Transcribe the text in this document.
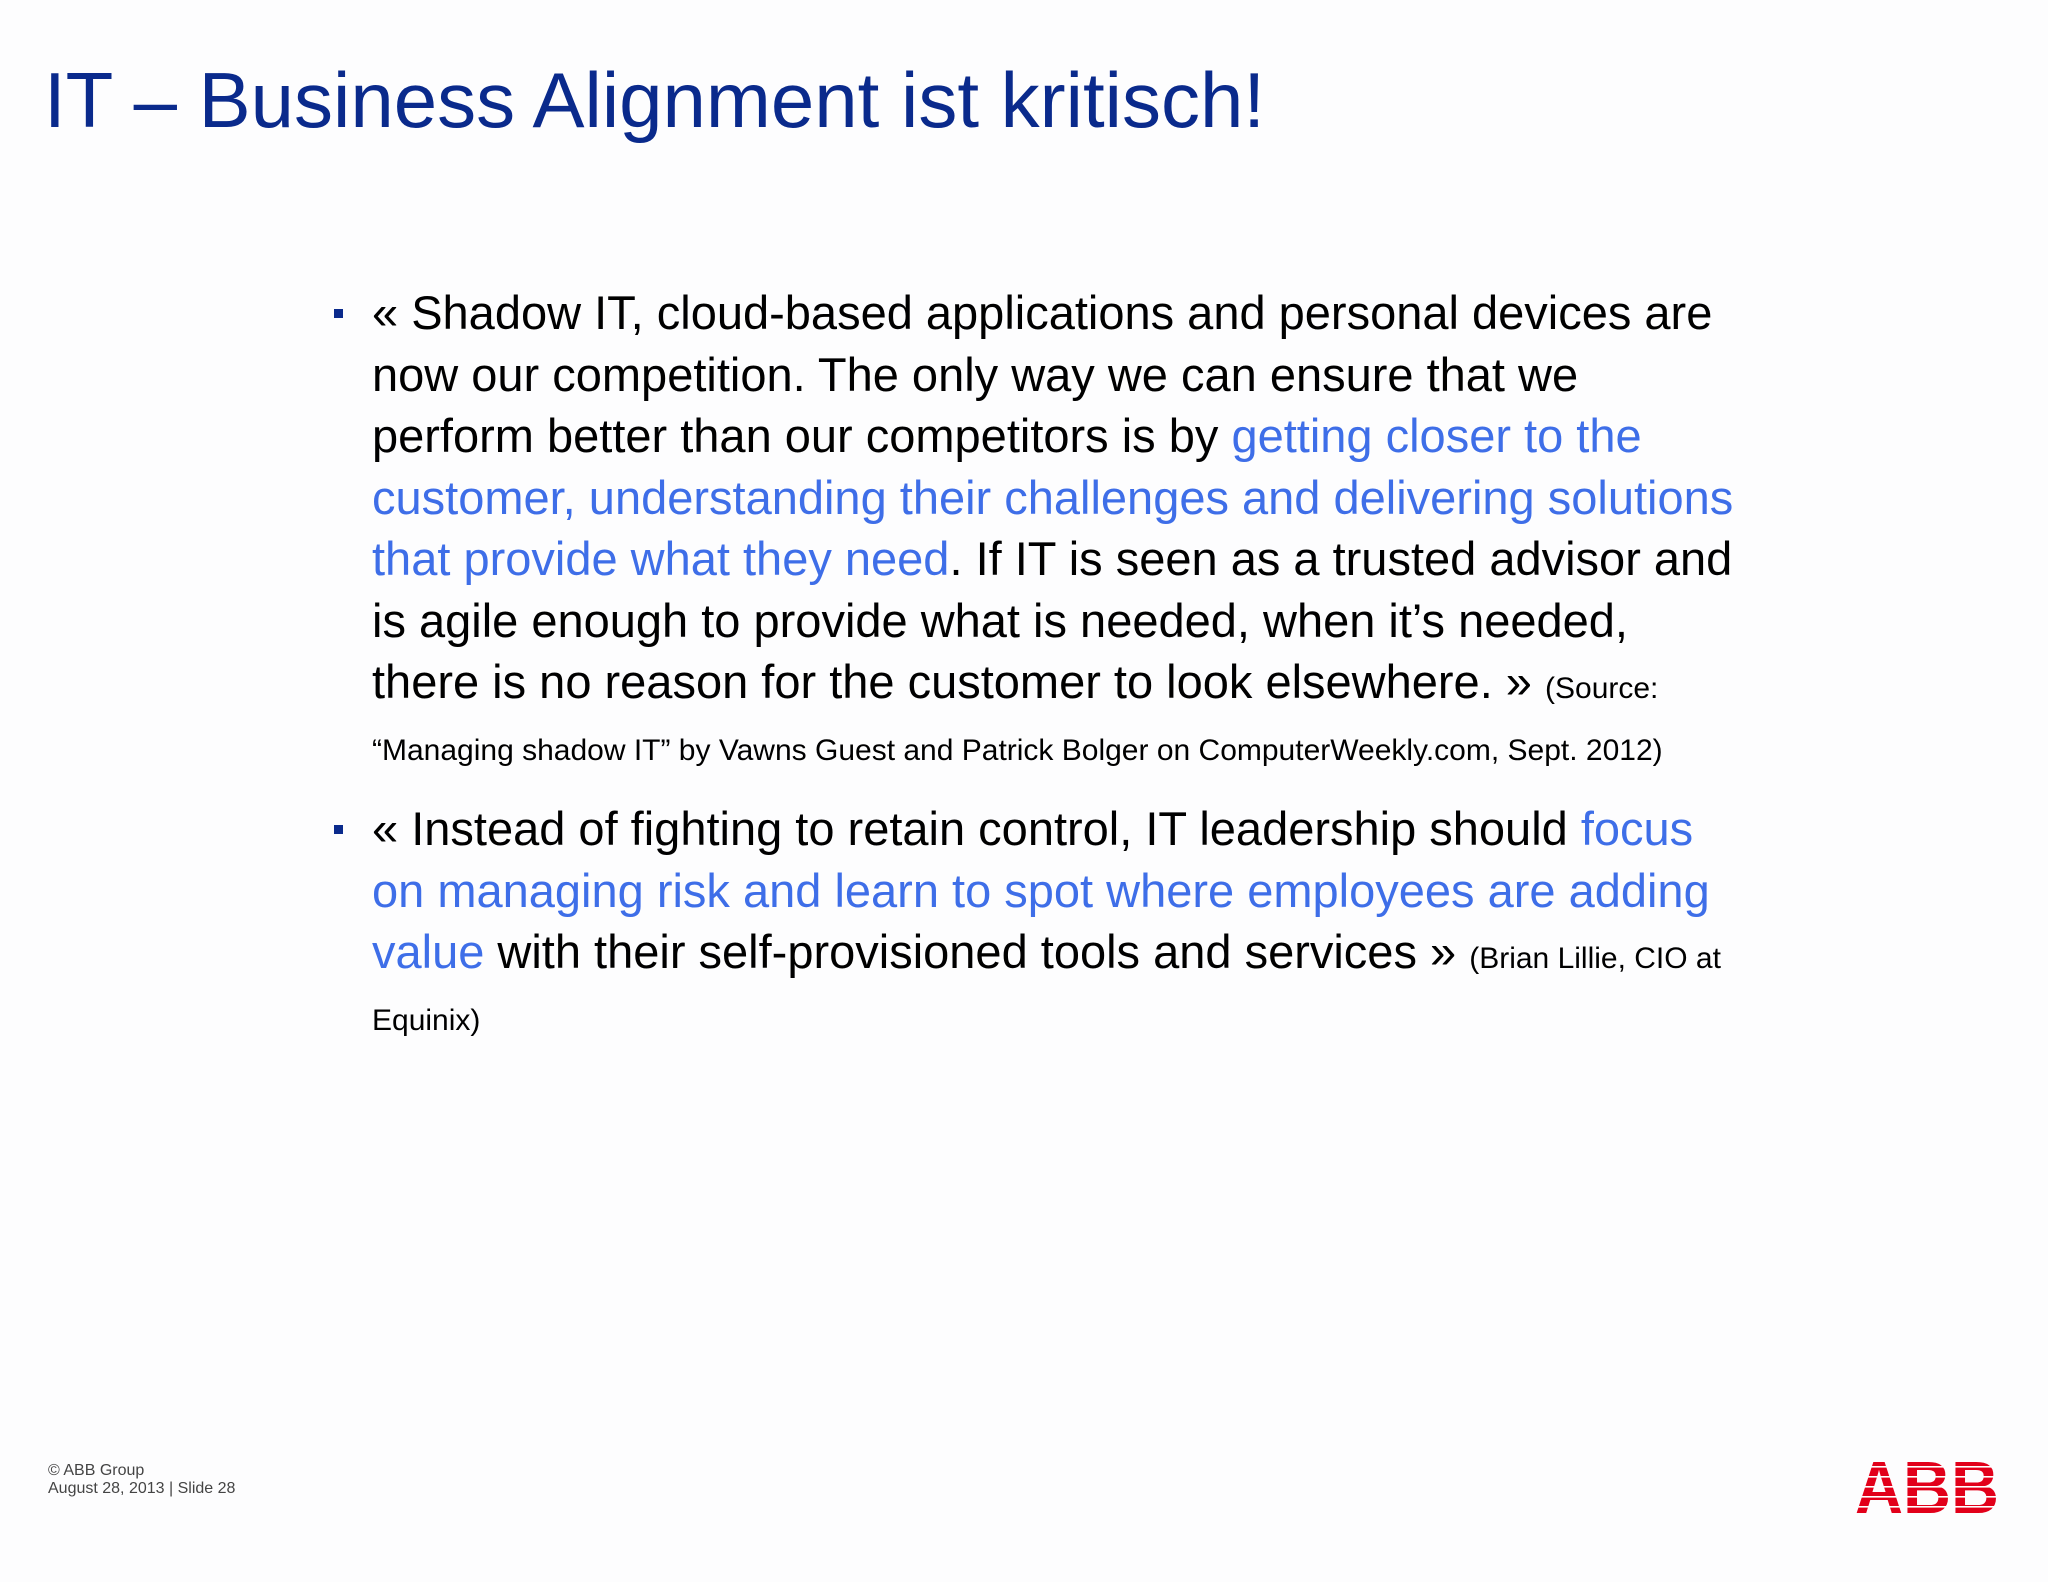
IT – Business Alignment ist kritisch!
« Shadow IT, cloud-based applications and personal devices are now our competition. The only way we can ensure that we perform better than our competitors is by getting closer to the customer, understanding their challenges and delivering solutions that provide what they need. If IT is seen as a trusted advisor and is agile enough to provide what is needed, when it’s needed, there is no reason for the customer to look elsewhere. » (Source: “Managing shadow IT” by Vawns Guest and Patrick Bolger on ComputerWeekly.com, Sept. 2012)
« Instead of fighting to retain control, IT leadership should focus on managing risk and learn to spot where employees are adding value with their self-provisioned tools and services » (Brian Lillie, CIO at Equinix)
© ABB Group
August 28, 2013 | Slide 28
